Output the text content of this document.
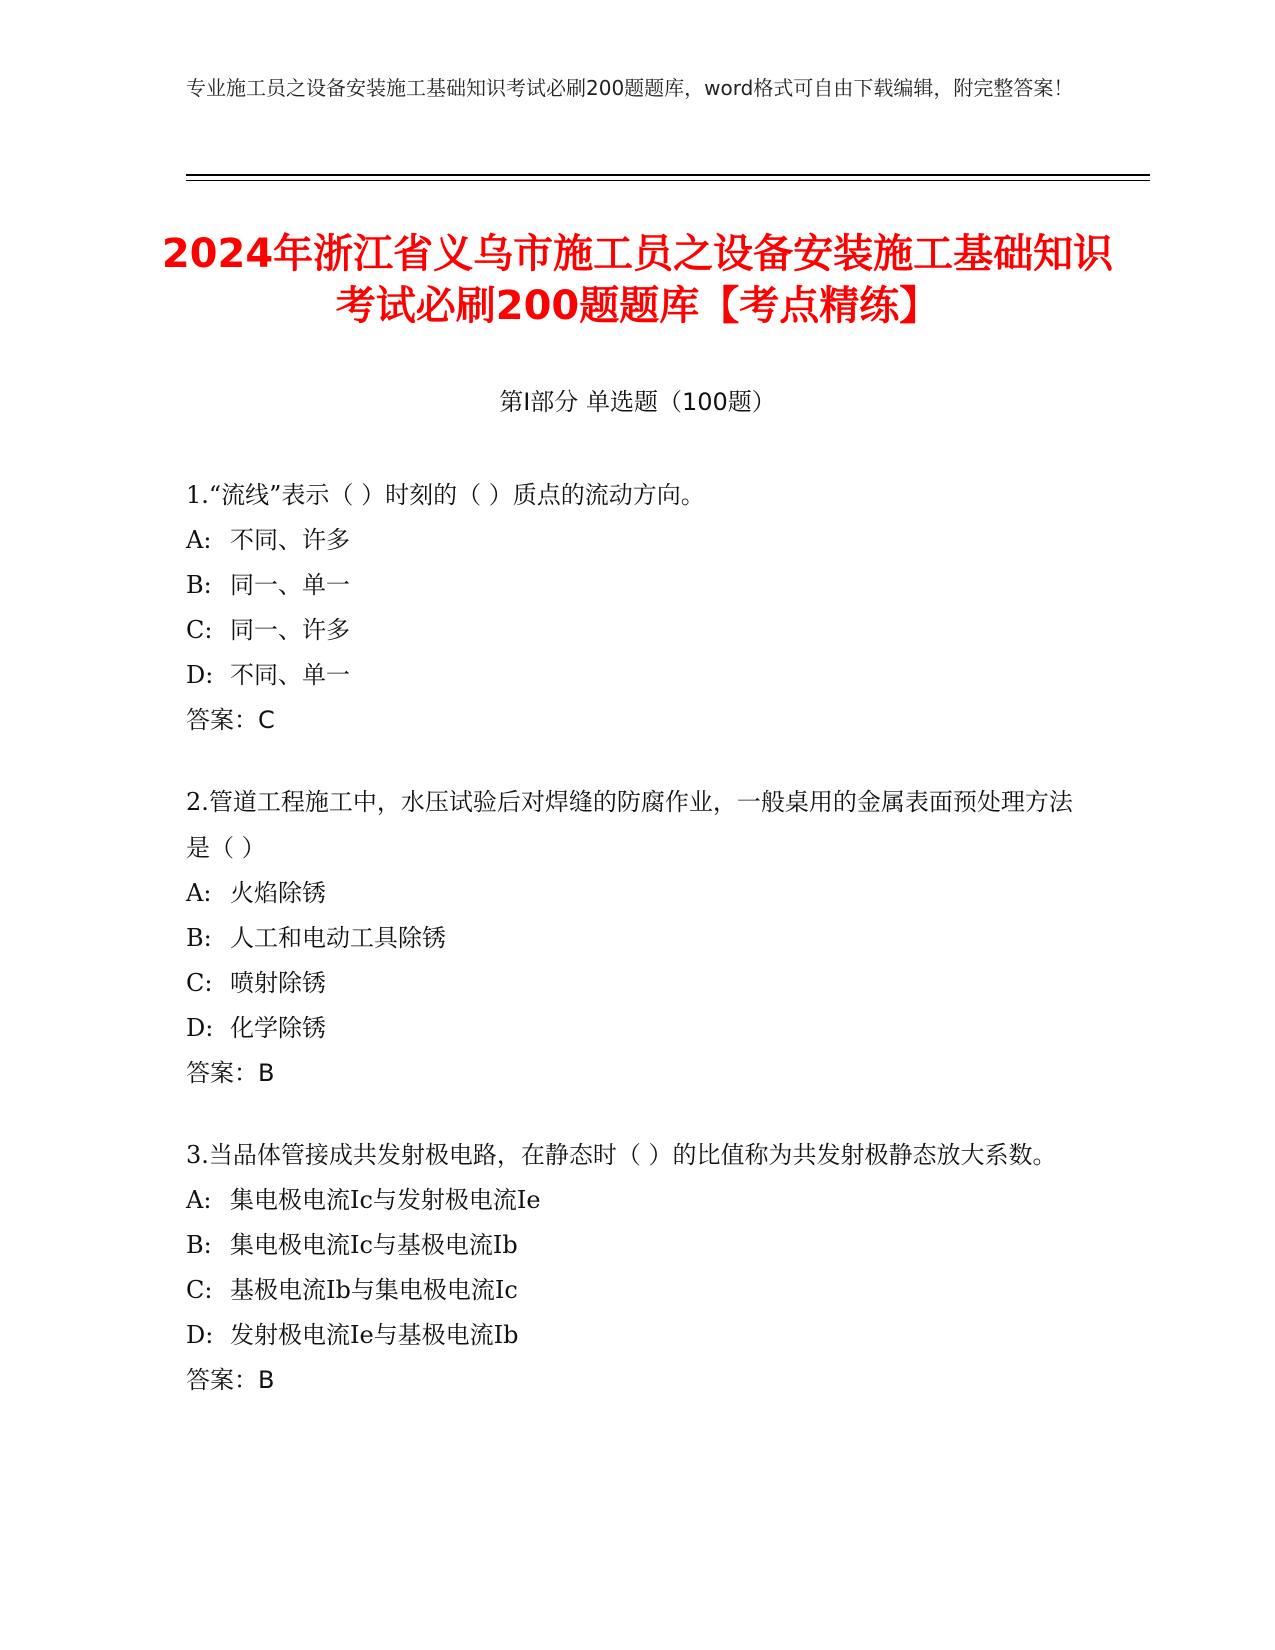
专业施工员之设备安装施工基础知识考试必刷200题题库，word格式可自由下载编辑，附完整答案！
2024年浙江省义乌市施工员之设备安装施工基础知识考试必刷200题题库【考点精练】
第I部分 单选题（100题）

1.“流线”表示（ ）时刻的（ ）质点的流动方向。

A: 不同、许多

B: 同一、单一

C: 同一、许多

D: 不同、单一

答案：C

2.管道工程施工中，水压试验后对焊缝的防腐作业，一般桌用的金属表面预处理方法是（ ）

A: 火焰除锈

B: 人工和电动工具除锈

C: 喷射除锈

D: 化学除锈

答案：B

3.当品体管接成共发射极电路，在静态时（ ）的比值称为共发射极静态放大系数。

A: 集电极电流Ic与发射极电流Ie

B: 集电极电流Ic与基极电流Ib

C: 基极电流Ib与集电极电流Ic

D: 发射极电流Ie与基极电流Ib

答案：B
